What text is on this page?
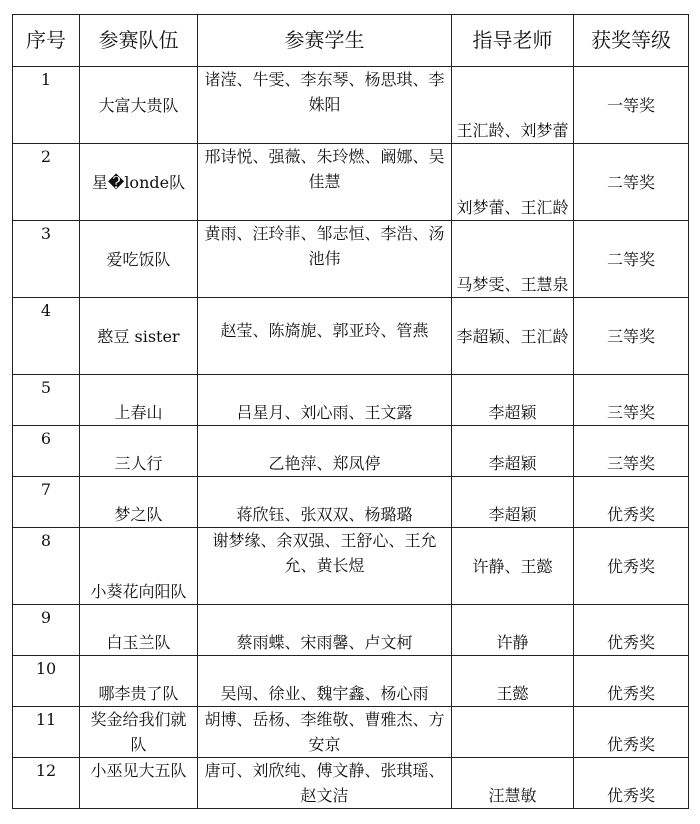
序号	参赛队伍	参赛学生	指导老师	获奖等级
1	大富大贵队	诸滢、牛雯、李东琴、杨思琪、李姝阳	王汇龄、刘梦蕾	一等奖
2	星�londe队	邢诗悦、强薇、朱玲燃、阚娜、吴佳慧	刘梦蕾、王汇龄	二等奖
3	爱吃饭队	黄雨、汪玲菲、邹志恒、李浩、汤池伟	马梦雯、王慧泉	二等奖
4	憨豆 sister	赵莹、陈旖旎、郭亚玲、管燕	李超颖、王汇龄	三等奖
5	上春山	吕星月、刘心雨、王文露	李超颖	三等奖
6	三人行	乙艳萍、郑凤停	李超颖	三等奖
7	梦之队	蒋欣钰、张双双、杨璐璐	李超颖	优秀奖
8	小葵花向阳队	谢梦缘、余双强、王舒心、王允允、黄长煜	许静、王懿	优秀奖
9	白玉兰队	蔡雨蝶、宋雨馨、卢文柯	许静	优秀奖
10	哪李贵了队	吴闯、徐业、魏宇鑫、杨心雨	王懿	优秀奖
11	奖金给我们就队	胡博、岳杨、李维敬、曹雅杰、方安京		优秀奖
12	小巫见大五队	唐可、刘欣纯、傅文静、张琪瑶、赵文洁	汪慧敏	优秀奖
